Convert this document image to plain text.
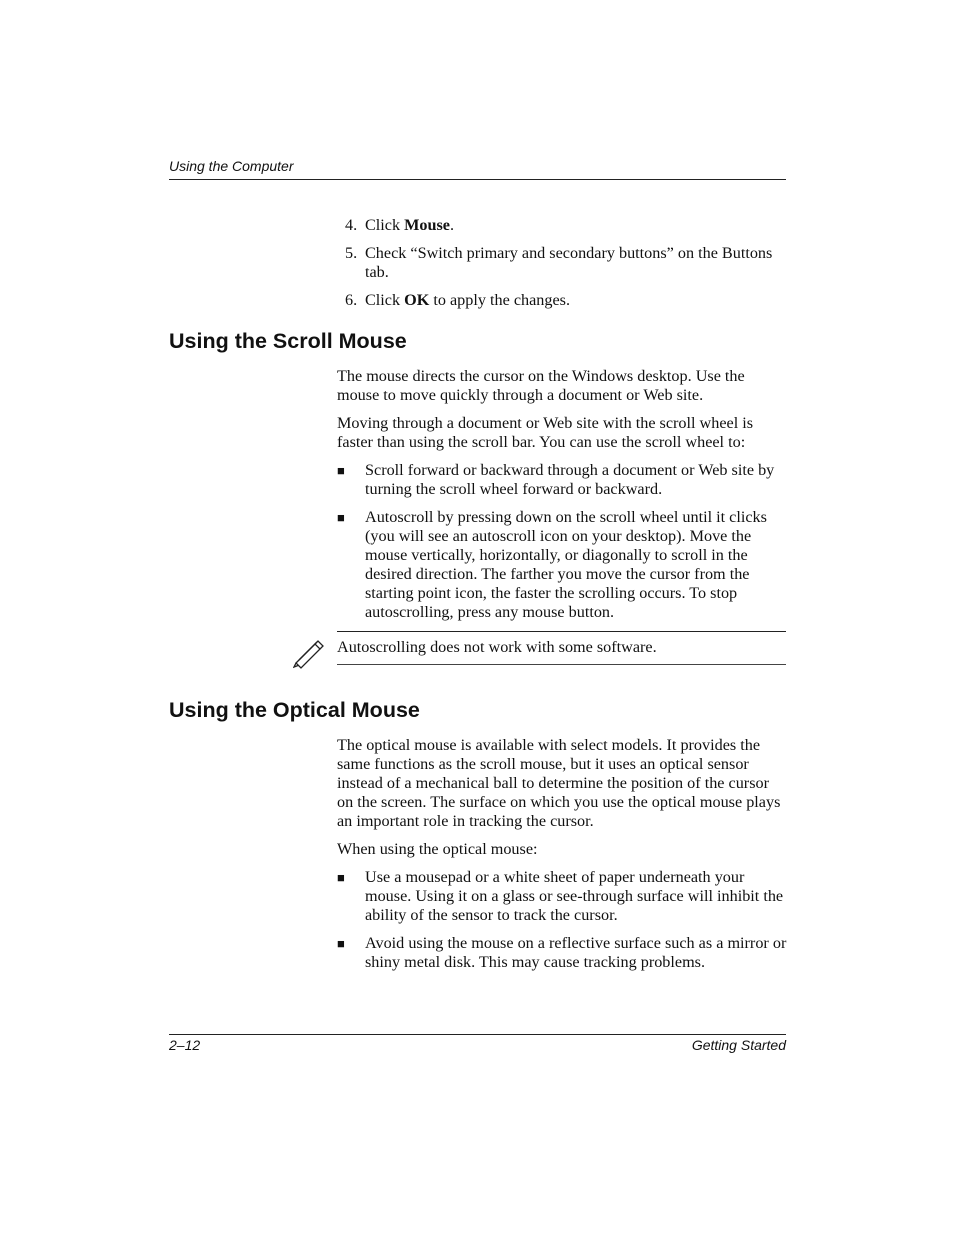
Using the Computer
4. Click Mouse.
5. Check “Switch primary and secondary buttons” on the Buttons tab.
6. Click OK to apply the changes.
Using the Scroll Mouse

The mouse directs the cursor on the Windows desktop. Use the mouse to move quickly through a document or Web site.

Moving through a document or Web site with the scroll wheel is faster than using the scroll bar. You can use the scroll wheel to:

■	Scroll forward or backward through a document or Web site by turning the scroll wheel forward or backward.
■	Autoscroll by pressing down on the scroll wheel until it clicks (you will see an autoscroll icon on your desktop). Move the mouse vertically, horizontally, or diagonally to scroll in the desired direction. The farther you move the cursor from the starting point icon, the faster the scrolling occurs. To stop autoscrolling, press any mouse button.
Autoscrolling does not work with some software.
Using the Optical Mouse

The optical mouse is available with select models. It provides the same functions as the scroll mouse, but it uses an optical sensor instead of a mechanical ball to determine the position of the cursor on the screen. The surface on which you use the optical mouse plays an important role in tracking the cursor.

When using the optical mouse:

■	Use a mousepad or a white sheet of paper underneath your mouse. Using it on a glass or see-through surface will inhibit the ability of the sensor to track the cursor.
■	Avoid using the mouse on a reflective surface such as a mirror or shiny metal disk. This may cause tracking problems.
2–12	Getting Started
